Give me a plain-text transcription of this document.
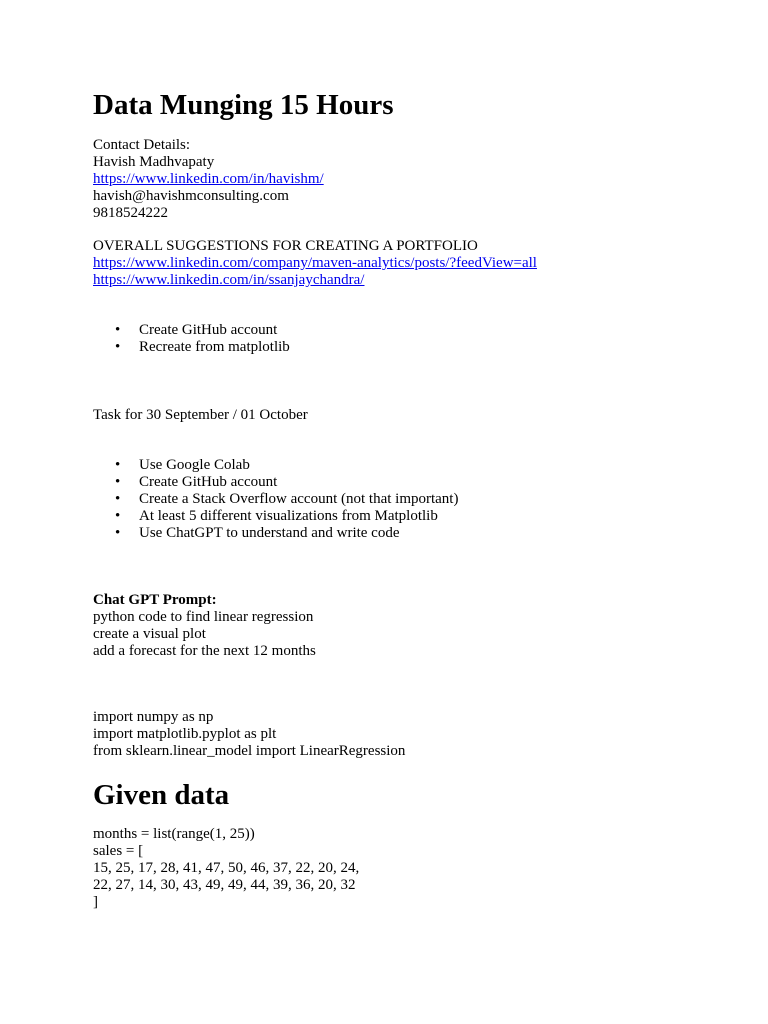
Data Munging 15 Hours
Contact Details:
Havish Madhvapaty
https://www.linkedin.com/in/havishm/
havish@havishmconsulting.com
9818524222
OVERALL SUGGESTIONS FOR CREATING A PORTFOLIO
https://www.linkedin.com/company/maven-analytics/posts/?feedView=all
https://www.linkedin.com/in/ssanjaychandra/
• Create GitHub account
• Recreate from matplotlib
Task for 30 September / 01 October
• Use Google Colab
• Create GitHub account
• Create a Stack Overflow account (not that important)
• At least 5 different visualizations from Matplotlib
• Use ChatGPT to understand and write code
Chat GPT Prompt:
python code to find linear regression
create a visual plot
add a forecast for the next 12 months
import numpy as np
import matplotlib.pyplot as plt
from sklearn.linear_model import LinearRegression
Given data
months = list(range(1, 25))
sales = [
15, 25, 17, 28, 41, 47, 50, 46, 37, 22, 20, 24,
22, 27, 14, 30, 43, 49, 49, 44, 39, 36, 20, 32
]
